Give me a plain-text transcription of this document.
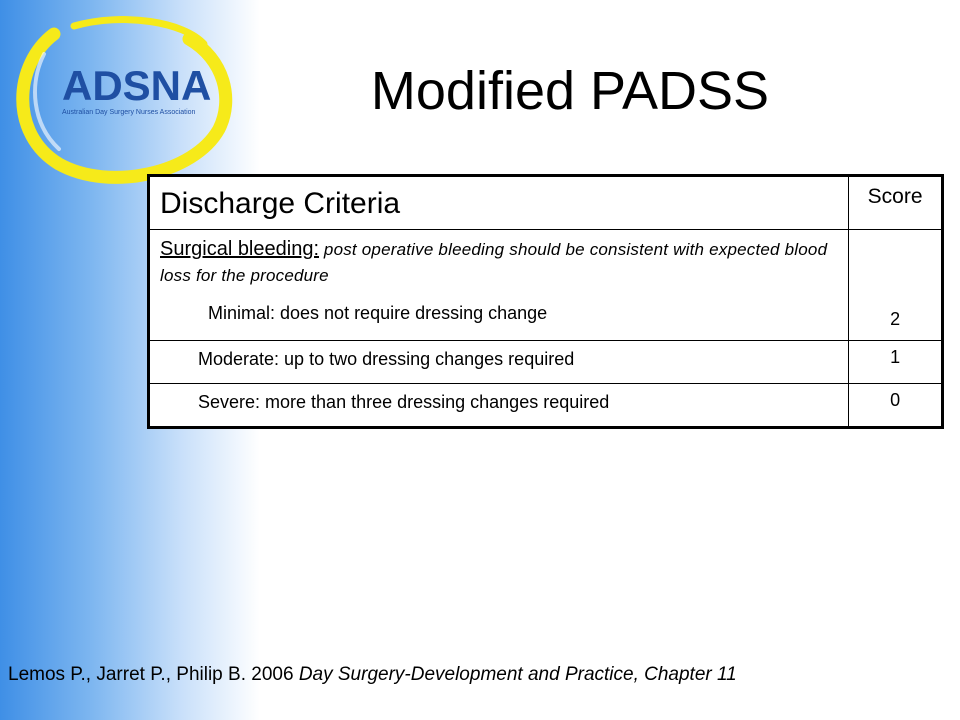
ADSNA
Australian Day Surgery Nurses Association	Modified PADSS
Discharge Criteria	Score

Surgical bleeding: post operative bleeding should be consistent with expected blood loss for the procedure
Minimal: does not require dressing change	2

Moderate: up to two dressing changes required	1

Severe: more than three dressing changes required	0
Lemos P., Jarret P., Philip B. 2006 Day Surgery-Development and Practice, Chapter 11
